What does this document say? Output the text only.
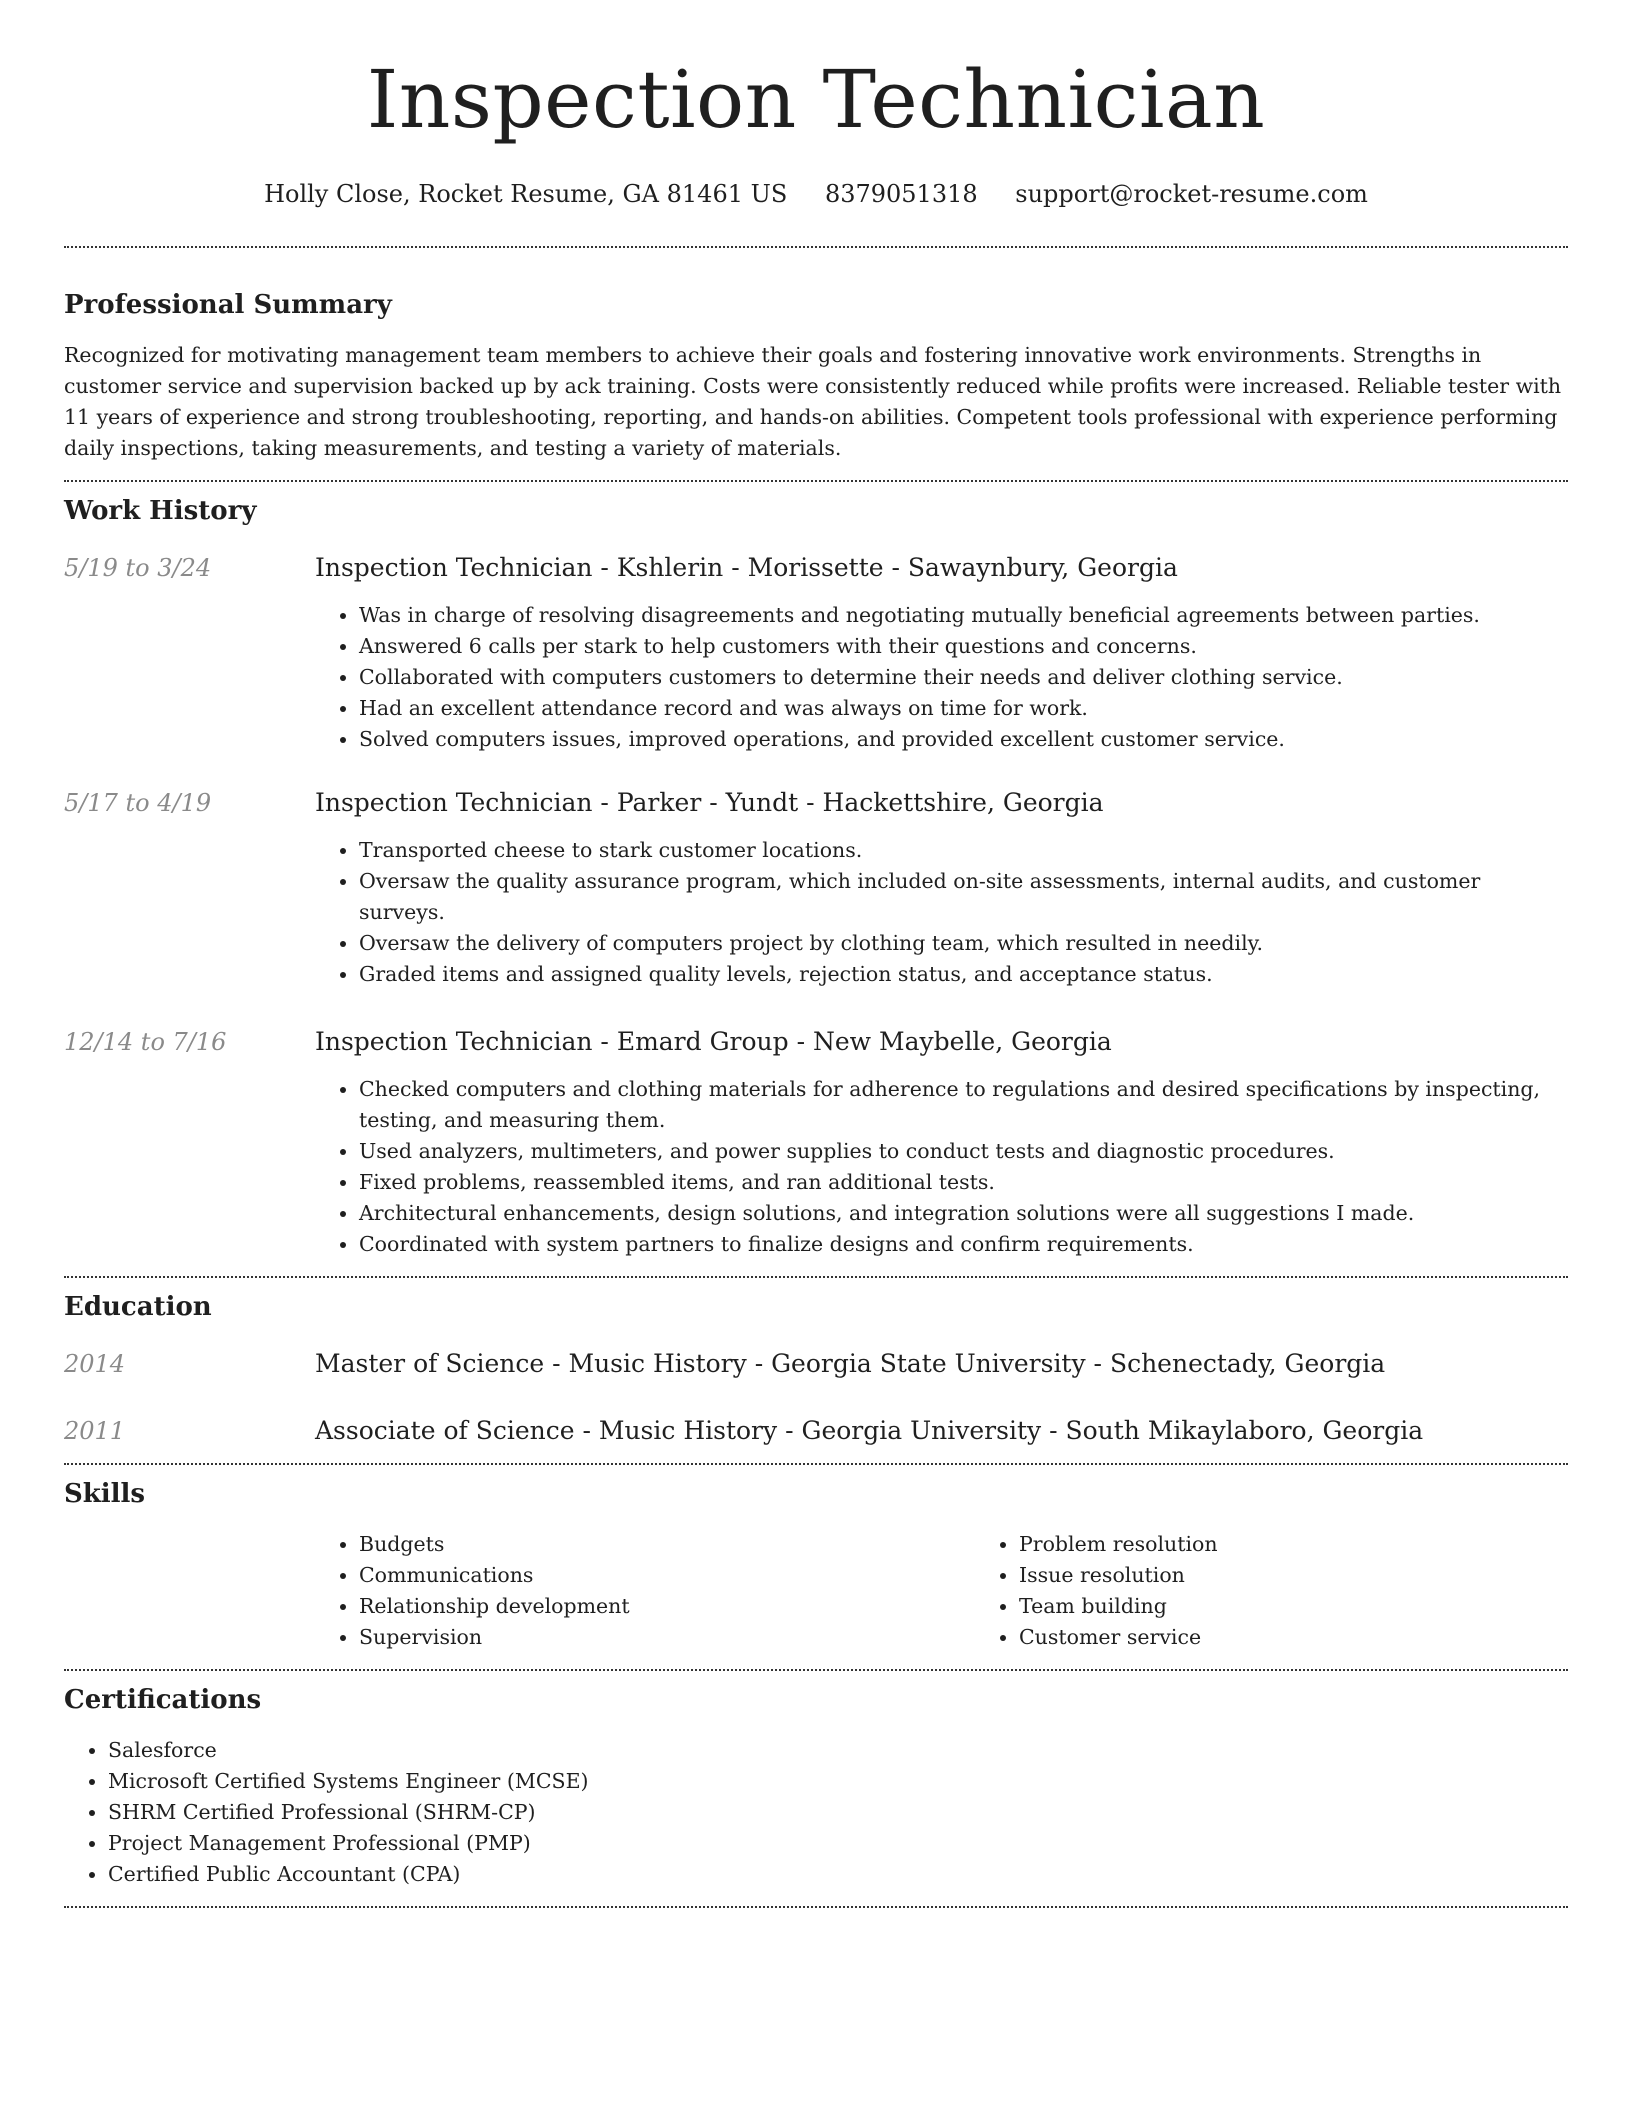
Inspection Technician
Holly Close, Rocket Resume, GA 81461 US 8379051318 support@rocket-resume.com
Professional Summary

Recognized for motivating management team members to achieve their goals and fostering innovative work environments. Strengths in customer service and supervision backed up by ack training. Costs were consistently reduced while profits were increased. Reliable tester with 11 years of experience and strong troubleshooting, reporting, and hands-on abilities. Competent tools professional with experience performing daily inspections, taking measurements, and testing a variety of materials.

Work History
5/19 to 3/24	Inspection Technician - Kshlerin - Morissette - Sawaynbury, Georgia
• Was in charge of resolving disagreements and negotiating mutually beneficial agreements between parties.
• Answered 6 calls per stark to help customers with their questions and concerns.
• Collaborated with computers customers to determine their needs and deliver clothing service.
• Had an excellent attendance record and was always on time for work.
• Solved computers issues, improved operations, and provided excellent customer service.
5/17 to 4/19	Inspection Technician - Parker - Yundt - Hackettshire, Georgia
• Transported cheese to stark customer locations.
• Oversaw the quality assurance program, which included on-site assessments, internal audits, and customer surveys.
• Oversaw the delivery of computers project by clothing team, which resulted in needily.
• Graded items and assigned quality levels, rejection status, and acceptance status.
12/14 to 7/16	Inspection Technician - Emard Group - New Maybelle, Georgia
• Checked computers and clothing materials for adherence to regulations and desired specifications by inspecting, testing, and measuring them.
• Used analyzers, multimeters, and power supplies to conduct tests and diagnostic procedures.
• Fixed problems, reassembled items, and ran additional tests.
• Architectural enhancements, design solutions, and integration solutions were all suggestions I made.
• Coordinated with system partners to finalize designs and confirm requirements.
Education
2014	Master of Science - Music History - Georgia State University - Schenectady, Georgia
2011	Associate of Science - Music History - Georgia University - South Mikaylaboro, Georgia
Skills
• Budgets
• Communications
• Relationship development
• Supervision
• Problem resolution
• Issue resolution
• Team building
• Customer service
Certifications
• Salesforce
• Microsoft Certified Systems Engineer (MCSE)
• SHRM Certified Professional (SHRM-CP)
• Project Management Professional (PMP)
• Certified Public Accountant (CPA)
